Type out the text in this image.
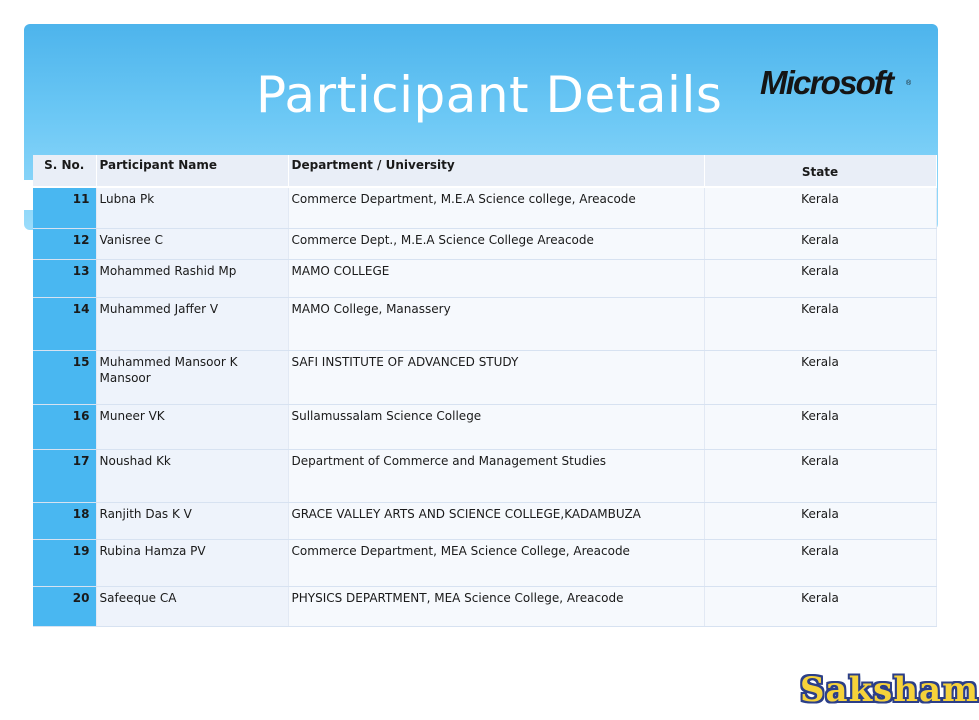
Participant Details Microsoft ®
S. No.	Participant Name	Department / University	State
11	Lubna Pk	Commerce Department, M.E.A Science college, Areacode	Kerala
12	Vanisree C	Commerce Dept., M.E.A Science College Areacode	Kerala
13	Mohammed Rashid Mp	MAMO COLLEGE	Kerala
14	Muhammed Jaffer V	MAMO College, Manassery	Kerala
15	Muhammed Mansoor K Mansoor	SAFI INSTITUTE OF ADVANCED STUDY	Kerala
16	Muneer VK	Sullamussalam Science College	Kerala
17	Noushad Kk	Department of Commerce and Management Studies	Kerala
18	Ranjith Das K V	GRACE VALLEY ARTS AND SCIENCE COLLEGE,KADAMBUZA	Kerala
19	Rubina Hamza PV	Commerce Department, MEA Science College, Areacode	Kerala
20	Safeeque CA	PHYSICS DEPARTMENT, MEA Science College, Areacode	Kerala
Saksham
